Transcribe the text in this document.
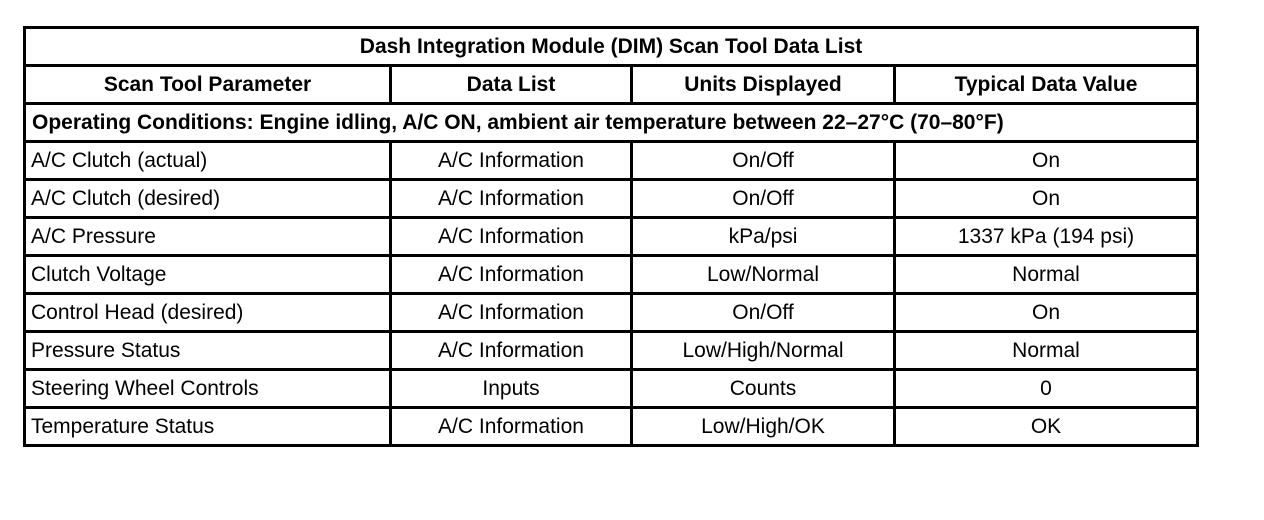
Dash Integration Module (DIM) Scan Tool Data List			
Scan Tool Parameter	Data List	Units Displayed	Typical Data Value
Operating Conditions: Engine idling, A/C ON, ambient air temperature between 22–27°C (70–80°F)			
A/C Clutch (actual)	A/C Information	On/Off	On
A/C Clutch (desired)	A/C Information	On/Off	On
A/C Pressure	A/C Information	kPa/psi	1337 kPa (194 psi)
Clutch Voltage	A/C Information	Low/Normal	Normal
Control Head (desired)	A/C Information	On/Off	On
Pressure Status	A/C Information	Low/High/Normal	Normal
Steering Wheel Controls	Inputs	Counts	0
Temperature Status	A/C Information	Low/High/OK	OK
